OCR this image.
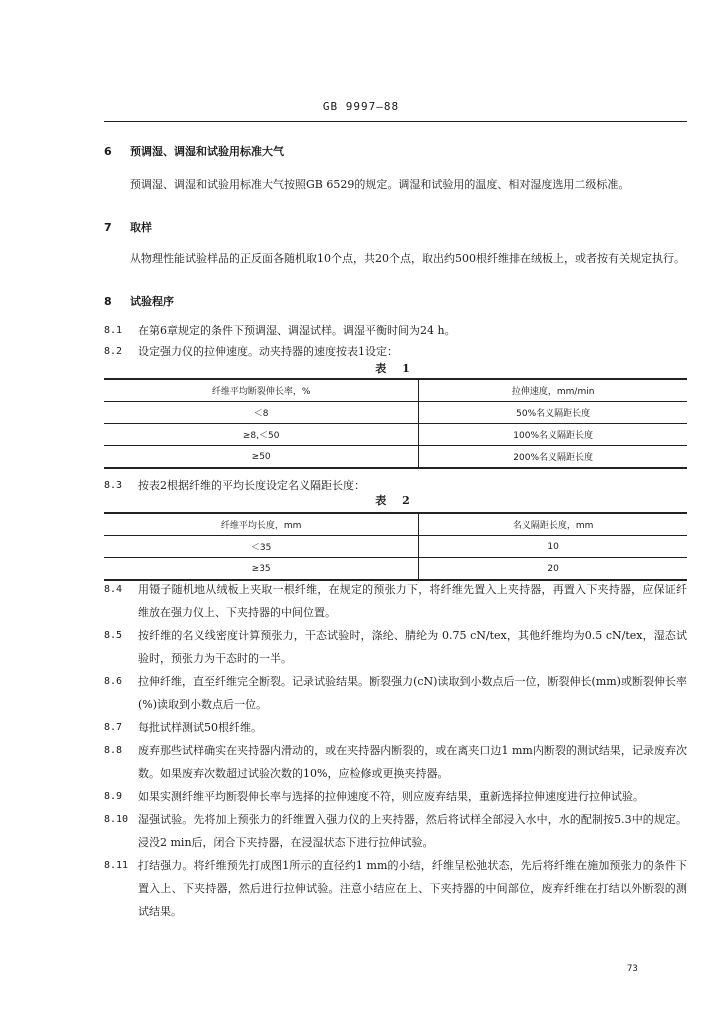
GB 9997—88
6 预调湿、调湿和试验用标准大气
预调湿、调湿和试验用标准大气按照GB 6529的规定。调湿和试验用的温度、相对湿度选用二级标准。
7 取样
从物理性能试验样品的正反面各随机取10个点，共20个点，取出约500根纤维排在绒板上，或者按有关规定执行。
8 试验程序
8.1	在第6章规定的条件下预调湿、调湿试样。调湿平衡时间为24 h。
8.2	设定强力仪的拉伸速度。动夹持器的速度按表1设定：
表 1
纤维平均断裂伸长率，%	拉伸速度，mm/min
＜8	50%名义隔距长度
≥8,＜50	100%名义隔距长度
≥50	200%名义隔距长度
8.3	按表2根据纤维的平均长度设定名义隔距长度：
表 2
纤维平均长度，mm	名义隔距长度，mm
＜35	10
≥35	20
8.4	用镊子随机地从绒板上夹取一根纤维，在规定的预张力下，将纤维先置入上夹持器，再置入下夹持器，应保证纤维放在强力仪上、下夹持器的中间位置。
8.5	按纤维的名义线密度计算预张力，干态试验时，涤纶、腈纶为 0.75 cN/tex，其他纤维均为0.5 cN/tex，湿态试验时，预张力为干态时的一半。
8.6	拉伸纤维，直至纤维完全断裂。记录试验结果。断裂强力(cN)读取到小数点后一位，断裂伸长(mm)或断裂伸长率(%)读取到小数点后一位。
8.7	每批试样测试50根纤维。
8.8	废弃那些试样确实在夹持器内滑动的，或在夹持器内断裂的，或在离夹口边1 mm内断裂的测试结果，记录废弃次数。如果废弃次数超过试验次数的10%，应检修或更换夹持器。
8.9	如果实测纤维平均断裂伸长率与选择的拉伸速度不符，则应废弃结果，重新选择拉伸速度进行拉伸试验。
8.10 湿强试验。先将加上预张力的纤维置入强力仪的上夹持器，然后将试样全部浸入水中，水的配制按5.3中的规定。浸没2 min后，闭合下夹持器，在浸湿状态下进行拉伸试验。
8.11 打结强力。将纤维预先打成图1所示的直径约1 mm的小结，纤维呈松弛状态，先后将纤维在施加预张力的条件下置入上、下夹持器，然后进行拉伸试验。注意小结应在上、下夹持器的中间部位，废弃纤维在打结以外断裂的测试结果。
73
